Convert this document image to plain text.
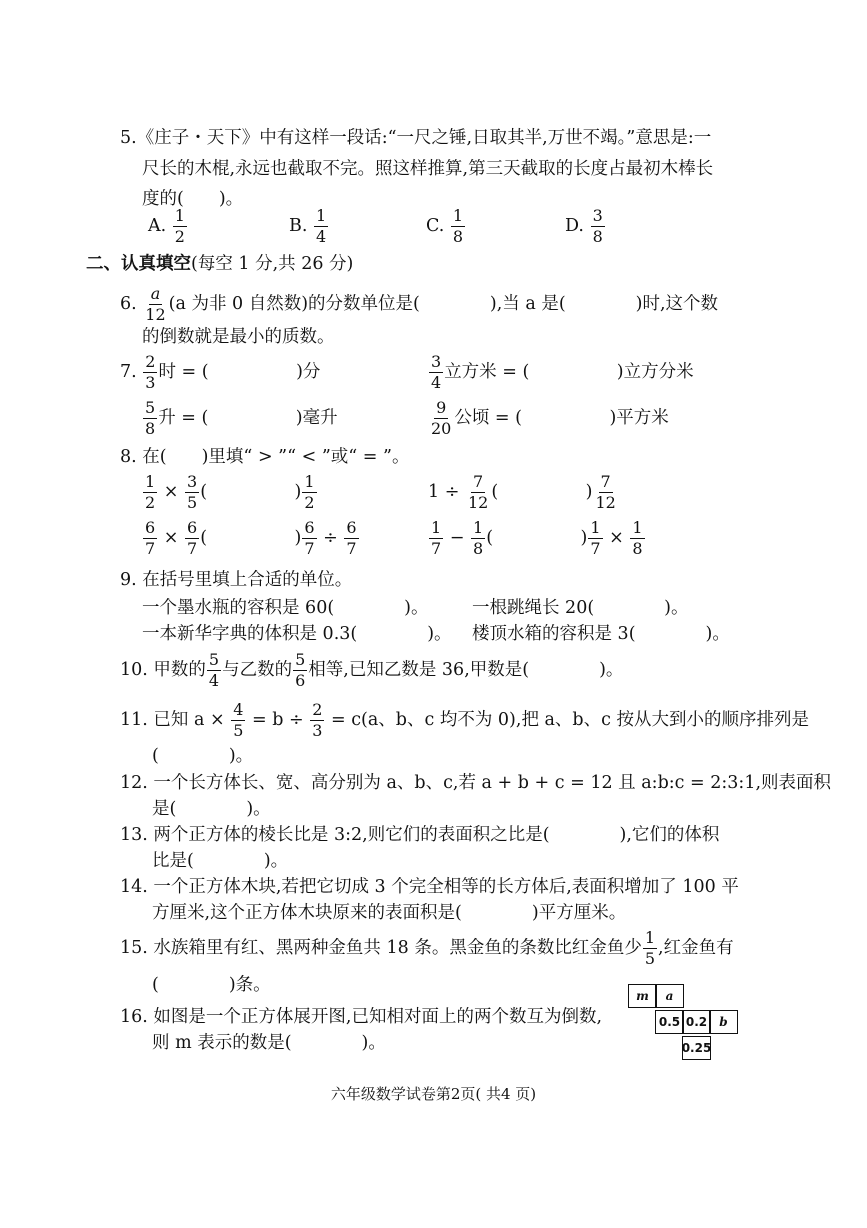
5.《庄子・天下》中有这样一段话:“一尺之锤,日取其半,万世不竭。”意思是:一
尺长的木棍,永远也截取不完。照这样推算,第三天截取的长度占最初木棒长
度的(　　)。
A. $\frac{1}{2}$	B. $\frac{1}{4}$	C. $\frac{1}{8}$	D. $\frac{3}{8}$
二、认真填空(每空 1 分,共 26 分)
6. $\frac{a}{12} (a$ 为非 0 自然数)的分数单位是(　　　　),当 a 是(　　　　)时,这个数
的倒数就是最小的质数。
7. $\frac{2}{3}$ 时 = (　　　　　)分	$\frac{3}{4}$ 立方米 = (　　　　　)立方分米
$\frac{5}{8}$ 升 = (　　　　　)毫升	$\frac{9}{20}$ 公顷 = (　　　　　)平方米
8. 在(　　)里填“ > ”“ < ”或“ = ”。
$\frac{1}{2} \times \frac{3}{5}$ (　　　　　) $\frac{1}{2}$	$1 \div \frac{7}{12}$ (　　　　　) $\frac{7}{12}$
$\frac{6}{7} \times \frac{6}{7}$ (　　　　　) $\frac{6}{7} \div \frac{6}{7}$	$\frac{1}{7} - \frac{1}{8}$ (　　　　　) $\frac{1}{7} \times \frac{1}{8}$
9. 在括号里填上合适的单位。
一个墨水瓶的容积是 60(　　　　)。 一根跳绳长 20(　　　　)。
一本新华字典的体积是 0.3(　　　　)。 楼顶水箱的容积是 3(　　　　)。
10. 甲数的 $\frac{5}{4}$ 与乙数的 $\frac{5}{6}$ 相等,已知乙数是 36,甲数是(　　　　)。
11. 已知 $a \times \frac{4}{5} = b \div \frac{2}{3} = c(a$、b、c 均不为 0),把 a、b、c 按从大到小的顺序排列是
(　　　　)。
12. 一个长方体长、宽、高分别为 a、b、c,若 a + b + c = 12 且 a:b:c = 2:3:1,则表面积
是(　　　　)。
13. 两个正方体的棱长比是 3:2,则它们的表面积之比是(　　　　),它们的体积
比是(　　　　)。
14. 一个正方体木块,若把它切成 3 个完全相等的长方体后,表面积增加了 100 平
方厘米,这个正方体木块原来的表面积是(　　　　)平方厘米。
15. 水族箱里有红、黑两种金鱼共 18 条。黑金鱼的条数比红金鱼少 $\frac{1}{5}$ ,红金鱼有
(　　　　)条。
16. 如图是一个正方体展开图,已知相对面上的两个数互为倒数,
则 m 表示的数是(　　　　)。
m	a
0.5 0.2	b
0.25
六年级数学试卷第2页( 共4 页)
